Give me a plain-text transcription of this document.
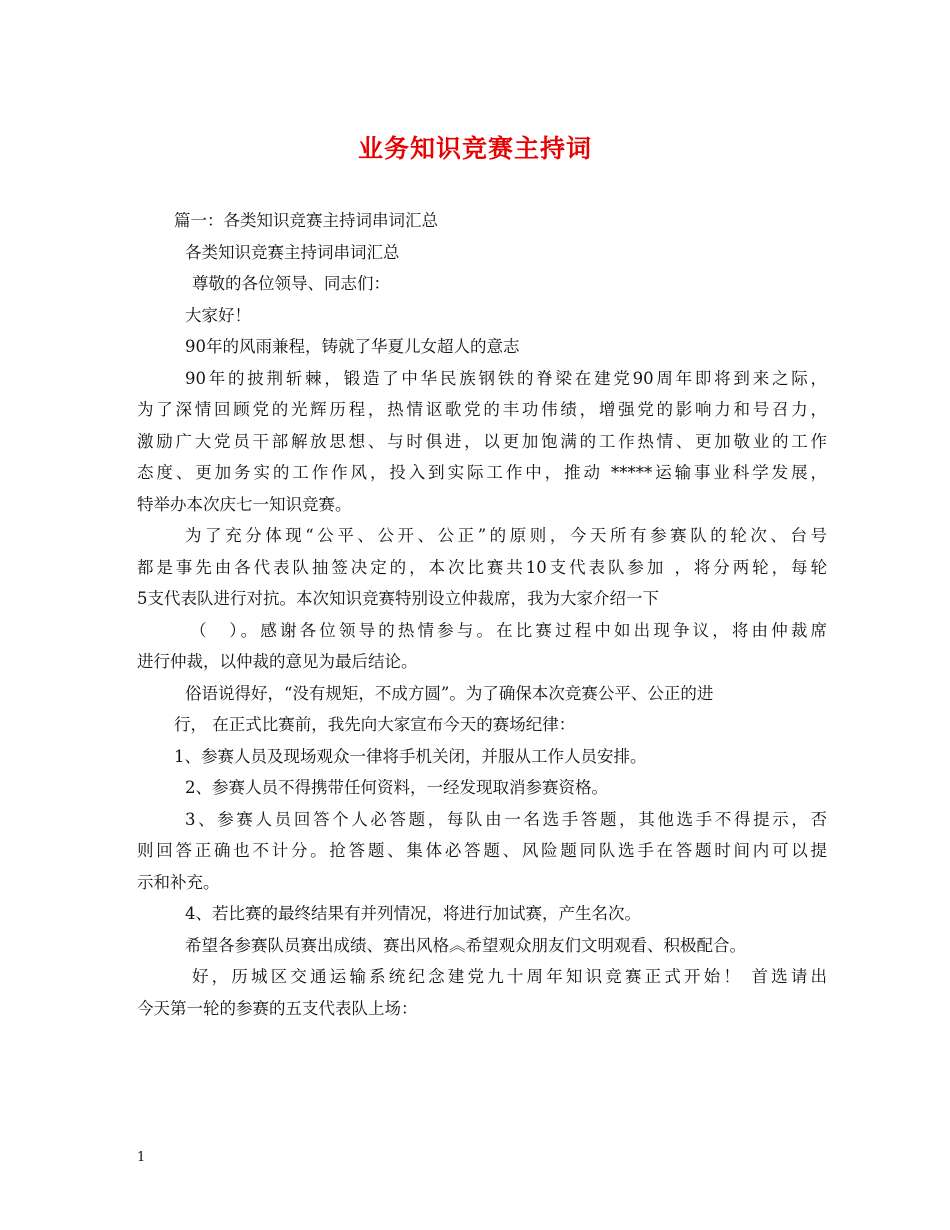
业务知识竞赛主持词
篇一：各类知识竞赛主持词串词汇总
各类知识竞赛主持词串词汇总
尊敬的各位领导、同志们：
大家好！
90年的风雨兼程，铸就了华夏儿女超人的意志
90年的披荆斩棘，锻造了中华民族钢铁的脊梁在建党90周年即将到来之际，
为了深情回顾党的光辉历程，热情讴歌党的丰功伟绩，增强党的影响力和号召力，
激励广大党员干部解放思想、与时俱进，以更加饱满的工作热情、更加敬业的工作
态度、更加务实的工作作风，投入到实际工作中，推动 *****运输事业科学发展，
特举办本次庆七一知识竞赛。
为了充分体现“公平、公开、公正”的原则，今天所有参赛队的轮次、台号
都是事先由各代表队抽签决定的，本次比赛共10支代表队参加 ，将分两轮，每轮
5支代表队进行对抗。本次知识竞赛特别设立仲裁席，我为大家介绍一下
（　）。感谢各位领导的热情参与。在比赛过程中如出现争议，将由仲裁席
进行仲裁，以仲裁的意见为最后结论。
俗语说得好，“没有规矩，不成方圆”。为了确保本次竞赛公平、公正的进
行， 在正式比赛前，我先向大家宣布今天的赛场纪律：
1、参赛人员及现场观众一律将手机关闭，并服从工作人员安排。
2、参赛人员不得携带任何资料，一经发现取消参赛资格。
3、参赛人员回答个人必答题，每队由一名选手答题，其他选手不得提示，否
则回答正确也不计分。抢答题、集体必答题、风险题同队选手在答题时间内可以提
示和补充。
4、若比赛的最终结果有并列情况，将进行加试赛，产生名次。
希望各参赛队员赛出成绩、赛出风格︽希望观众朋友们文明观看、积极配合。
好，历城区交通运输系统纪念建党九十周年知识竞赛正式开始！ 首选请出
今天第一轮的参赛的五支代表队上场：
1
